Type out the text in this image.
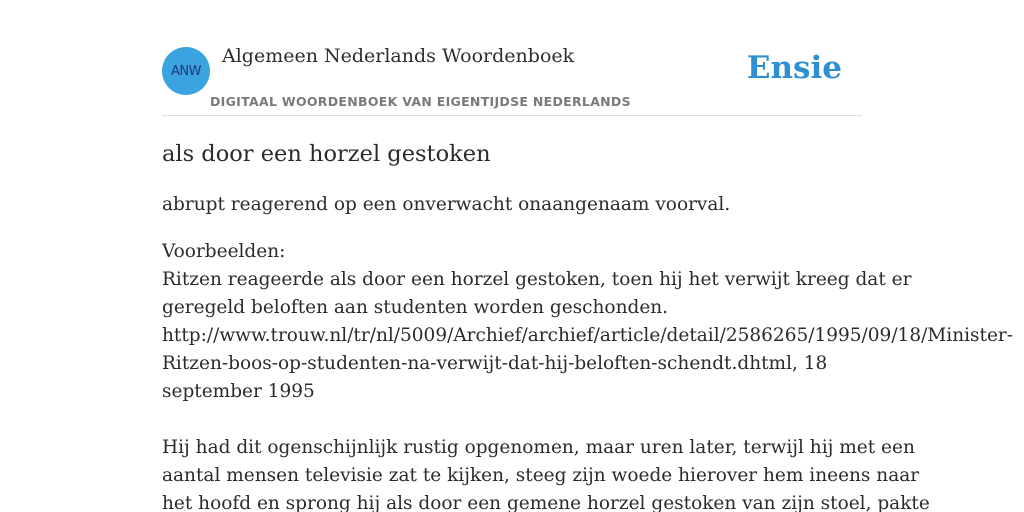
ANW
Algemeen Nederlands Woordenboek
DIGITAAL WOORDENBOEK VAN EIGENTIJDSE NEDERLANDS
Ensie
als door een horzel gestoken

abrupt reagerend op een onverwacht onaangenaam voorval.

Voorbeelden:
Ritzen reageerde als door een horzel gestoken, toen hij het verwijt kreeg dat er
geregeld beloften aan studenten worden geschonden.
http://www.trouw.nl/tr/nl/5009/Archief/archief/article/detail/2586265/1995/09/18/Minister-
Ritzen-boos-op-studenten-na-verwijt-dat-hij-beloften-schendt.dhtml, 18
september 1995
Hij had dit ogenschijnlijk rustig opgenomen, maar uren later, terwijl hij met een
aantal mensen televisie zat te kijken, steeg zijn woede hierover hem ineens naar
het hoofd en sprong hij als door een gemene horzel gestoken van zijn stoel, pakte
